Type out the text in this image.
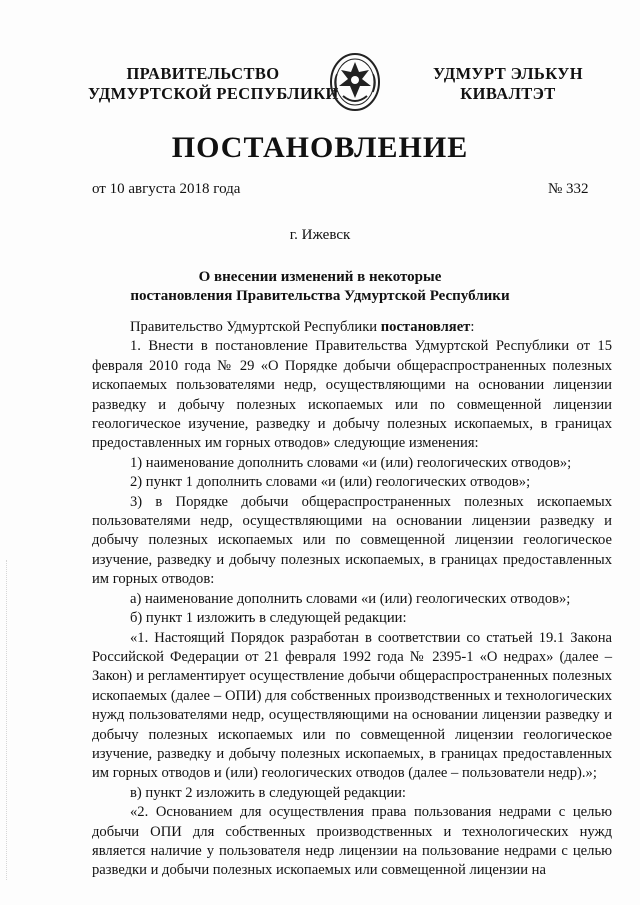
ПРАВИТЕЛЬСТВО
УДМУРТСКОЙ РЕСПУБЛИКИ
УДМУРТ ЭЛЬКУН
КИВАЛТЭТ
ПОСТАНОВЛЕНИЕ
от 10 августа 2018 года	№ 332
г. Ижевск
О внесении изменений в некоторые
постановления Правительства Удмуртской Республики

Правительство Удмуртской Республики постановляет:

1. Внести в постановление Правительства Удмуртской Республики от 15 февраля 2010 года № 29 «О Порядке добычи общераспространенных полезных ископаемых пользователями недр, осуществляющими на основании лицензии разведку и добычу полезных ископаемых или по совмещенной лицензии геологическое изучение, разведку и добычу полезных ископаемых, в границах предоставленных им горных отводов» следующие изменения:

1) наименование дополнить словами «и (или) геологических отводов»;

2) пункт 1 дополнить словами «и (или) геологических отводов»;

3) в Порядке добычи общераспространенных полезных ископаемых пользователями недр, осуществляющими на основании лицензии разведку и добычу полезных ископаемых или по совмещенной лицензии геологическое изучение, разведку и добычу полезных ископаемых, в границах предоставленных им горных отводов:

а) наименование дополнить словами «и (или) геологических отводов»;

б) пункт 1 изложить в следующей редакции:

«1. Настоящий Порядок разработан в соответствии со статьей 19.1 Закона Российской Федерации от 21 февраля 1992 года № 2395-1 «О недрах» (далее – Закон) и регламентирует осуществление добычи общераспространенных полезных ископаемых (далее – ОПИ) для собственных производственных и технологических нужд пользователями недр, осуществляющими на основании лицензии разведку и добычу полезных ископаемых или по совмещенной лицензии геологическое изучение, разведку и добычу полезных ископаемых, в границах предоставленных им горных отводов и (или) геологических отводов (далее – пользователи недр).»;

в) пункт 2 изложить в следующей редакции:

«2. Основанием для осуществления права пользования недрами с целью добычи ОПИ для собственных производственных и технологических нужд является наличие у пользователя недр лицензии на пользование недрами с целью разведки и добычи полезных ископаемых или совмещенной лицензии на
